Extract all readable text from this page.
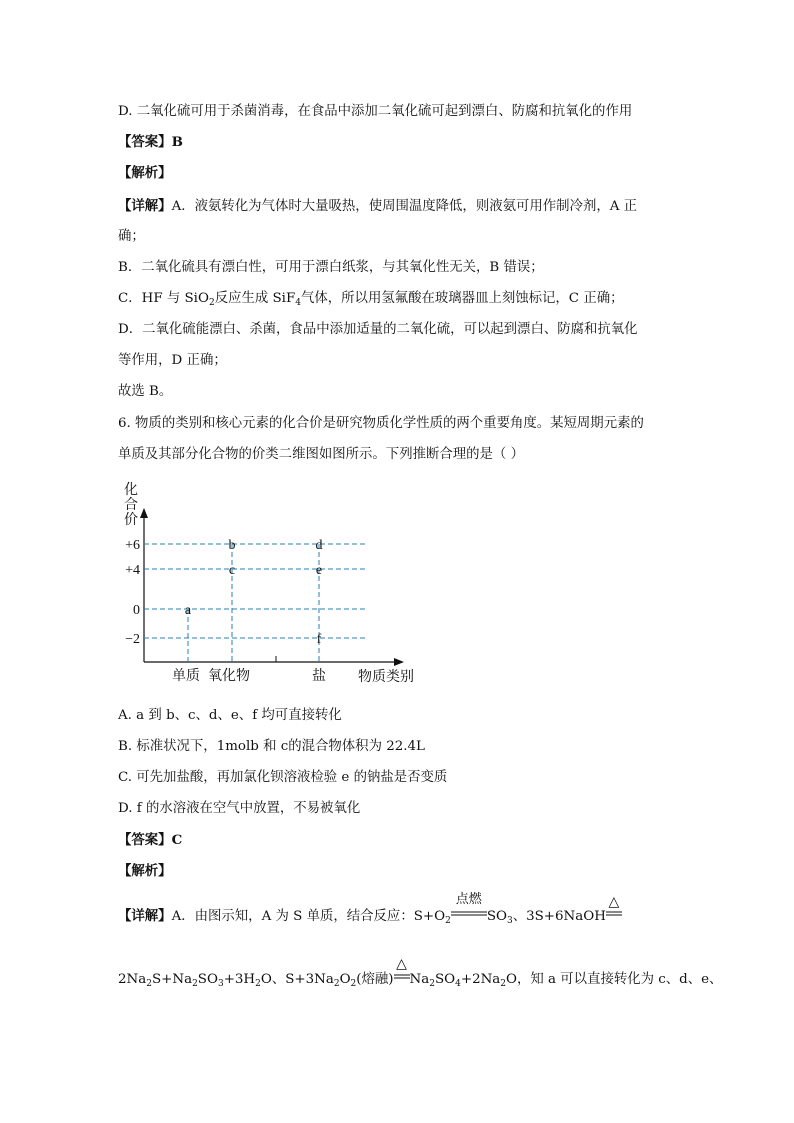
D. 二氧化硫可用于杀菌消毒，在食品中添加二氧化硫可起到漂白、防腐和抗氧化的作用
【答案】B
【解析】
【详解】A．液氨转化为气体时大量吸热，使周围温度降低，则液氨可用作制冷剂，A 正
确；
B．二氧化硫具有漂白性，可用于漂白纸浆，与其氧化性无关，B 错误；
C．HF 与 SiO$_2$反应生成 SiF$_4$气体，所以用氢氟酸在玻璃器皿上刻蚀标记，C 正确；
D．二氧化硫能漂白、杀菌，食品中添加适量的二氧化硫，可以起到漂白、防腐和抗氧化
等作用，D 正确；
故选 B。
6. 物质的类别和核心元素的化合价是研究物质化学性质的两个重要角度。某短周期元素的
单质及其部分化合物的价类二维图如图所示。下列推断合理的是（ ）
化合价
+6
+4
0
−2
单质 氧化物	盐
a
b
c
d
e
f
物质类别
A. a 到 b、c、d、e、f 均可直接转化
B. 标准状况下，1molb 和 c的混合物体积为 22.4L
C. 可先加盐酸，再加氯化钡溶液检验 e 的钠盐是否变质
D. f 的水溶液在空气中放置，不易被氧化
【答案】C
【解析】
【详解】A．由图示知，A 为 S 单质，结合反应：$S+O_2$
点燃
$SO_3$、3S+6NaOH
△
$2Na_2S+Na_2SO_3+3H_2O$、$S+3Na_2O_2$(熔融)
△
$Na_2SO_4+2Na_2O$，知 a 可以直接转化为 c、d、e、
